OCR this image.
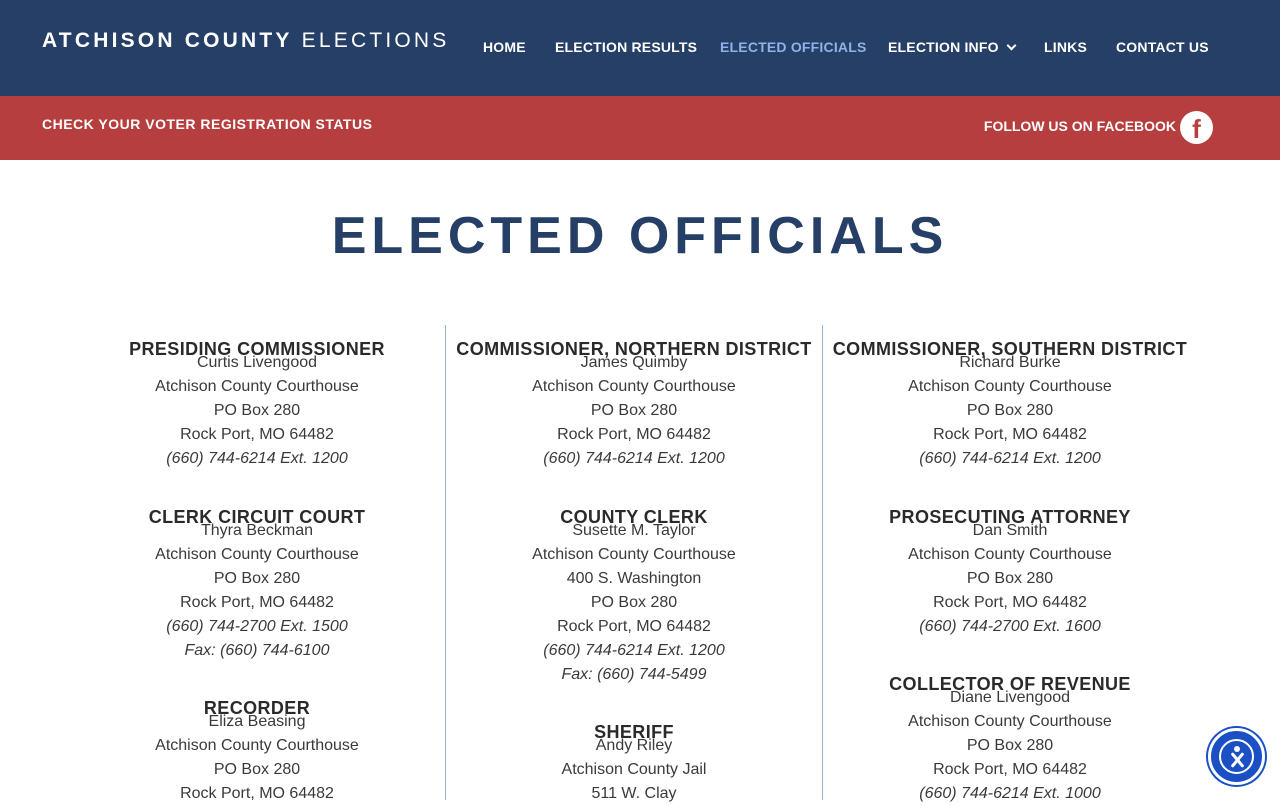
ATCHISON COUNTY ELECTIONS HOME ELECTION RESULTS ELECTED OFFICIALS ELECTION INFO	LINKS CONTACT US
CHECK YOUR VOTER REGISTRATION STATUS	FOLLOW US ON FACEBOOK f
ELECTED OFFICIALS
PRESIDING COMMISSIONER
Curtis Livengood
Atchison County Courthouse
PO Box 280
Rock Port, MO 64482
(660) 744-6214 Ext. 1200
COMMISSIONER, NORTHERN DISTRICT
James Quimby
Atchison County Courthouse
PO Box 280
Rock Port, MO 64482
(660) 744-6214 Ext. 1200
COMMISSIONER, SOUTHERN DISTRICT
Richard Burke
Atchison County Courthouse
PO Box 280
Rock Port, MO 64482
(660) 744-6214 Ext. 1200
CLERK CIRCUIT COURT
Thyra Beckman
Atchison County Courthouse
PO Box 280
Rock Port, MO 64482
(660) 744-2700 Ext. 1500
Fax: (660) 744-6100
COUNTY CLERK
Susette M. Taylor
Atchison County Courthouse
400 S. Washington
PO Box 280
Rock Port, MO 64482
(660) 744-6214 Ext. 1200
Fax: (660) 744-5499
PROSECUTING ATTORNEY
Dan Smith
Atchison County Courthouse
PO Box 280
Rock Port, MO 64482
(660) 744-2700 Ext. 1600
RECORDER
Eliza Beasing
Atchison County Courthouse
PO Box 280
Rock Port, MO 64482
SHERIFF
Andy Riley
Atchison County Jail
511 W. Clay
COLLECTOR OF REVENUE
Diane Livengood
Atchison County Courthouse
PO Box 280
Rock Port, MO 64482
(660) 744-6214 Ext. 1000
